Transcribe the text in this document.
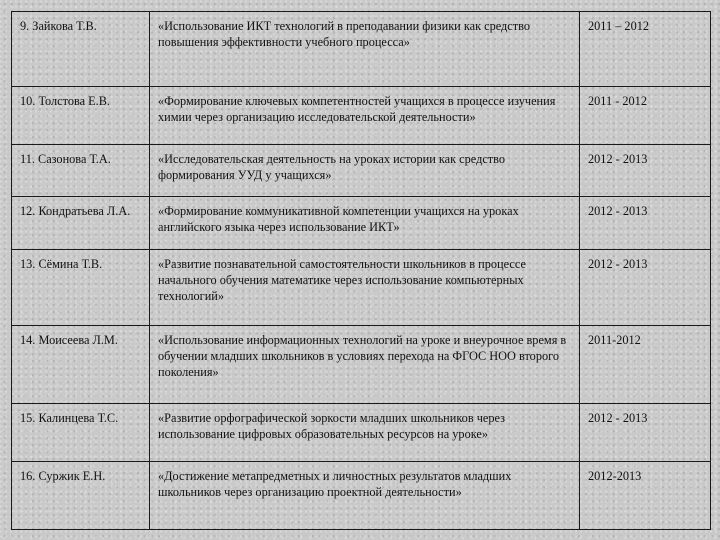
9. Зайкова Т.В.	«Использование ИКТ технологий в преподавании физики как средство повышения эффективности учебного процесса»	2011 – 2012
10. Толстова Е.В.	«Формирование ключевых компетентностей учащихся в процессе изучения химии через организацию исследовательской деятельности»	2011 - 2012
11. Сазонова Т.А.	«Исследовательская деятельность на уроках истории как средство формирования УУД у учащихся»	2012 - 2013
12. Кондратьева Л.А.	«Формирование коммуникативной компетенции учащихся на уроках английского языка через использование ИКТ»	2012 - 2013
13. Сёмина Т.В.	«Развитие познавательной самостоятельности школьников в процессе начального обучения математике через использование компьютерных технологий»	2012 - 2013
14. Моисеева Л.М.	«Использование информационных технологий на уроке и внеурочное время в обучении младших школьников в условиях перехода на ФГОС НОО второго поколения»	2011-2012
15. Калинцева Т.С.	«Развитие орфографической зоркости младших школьников через использование цифровых образовательных ресурсов на уроке»	2012 - 2013
16. Суржик Е.Н.	«Достижение метапредметных и личностных результатов младших школьников через организацию проектной деятельности»	2012-2013
